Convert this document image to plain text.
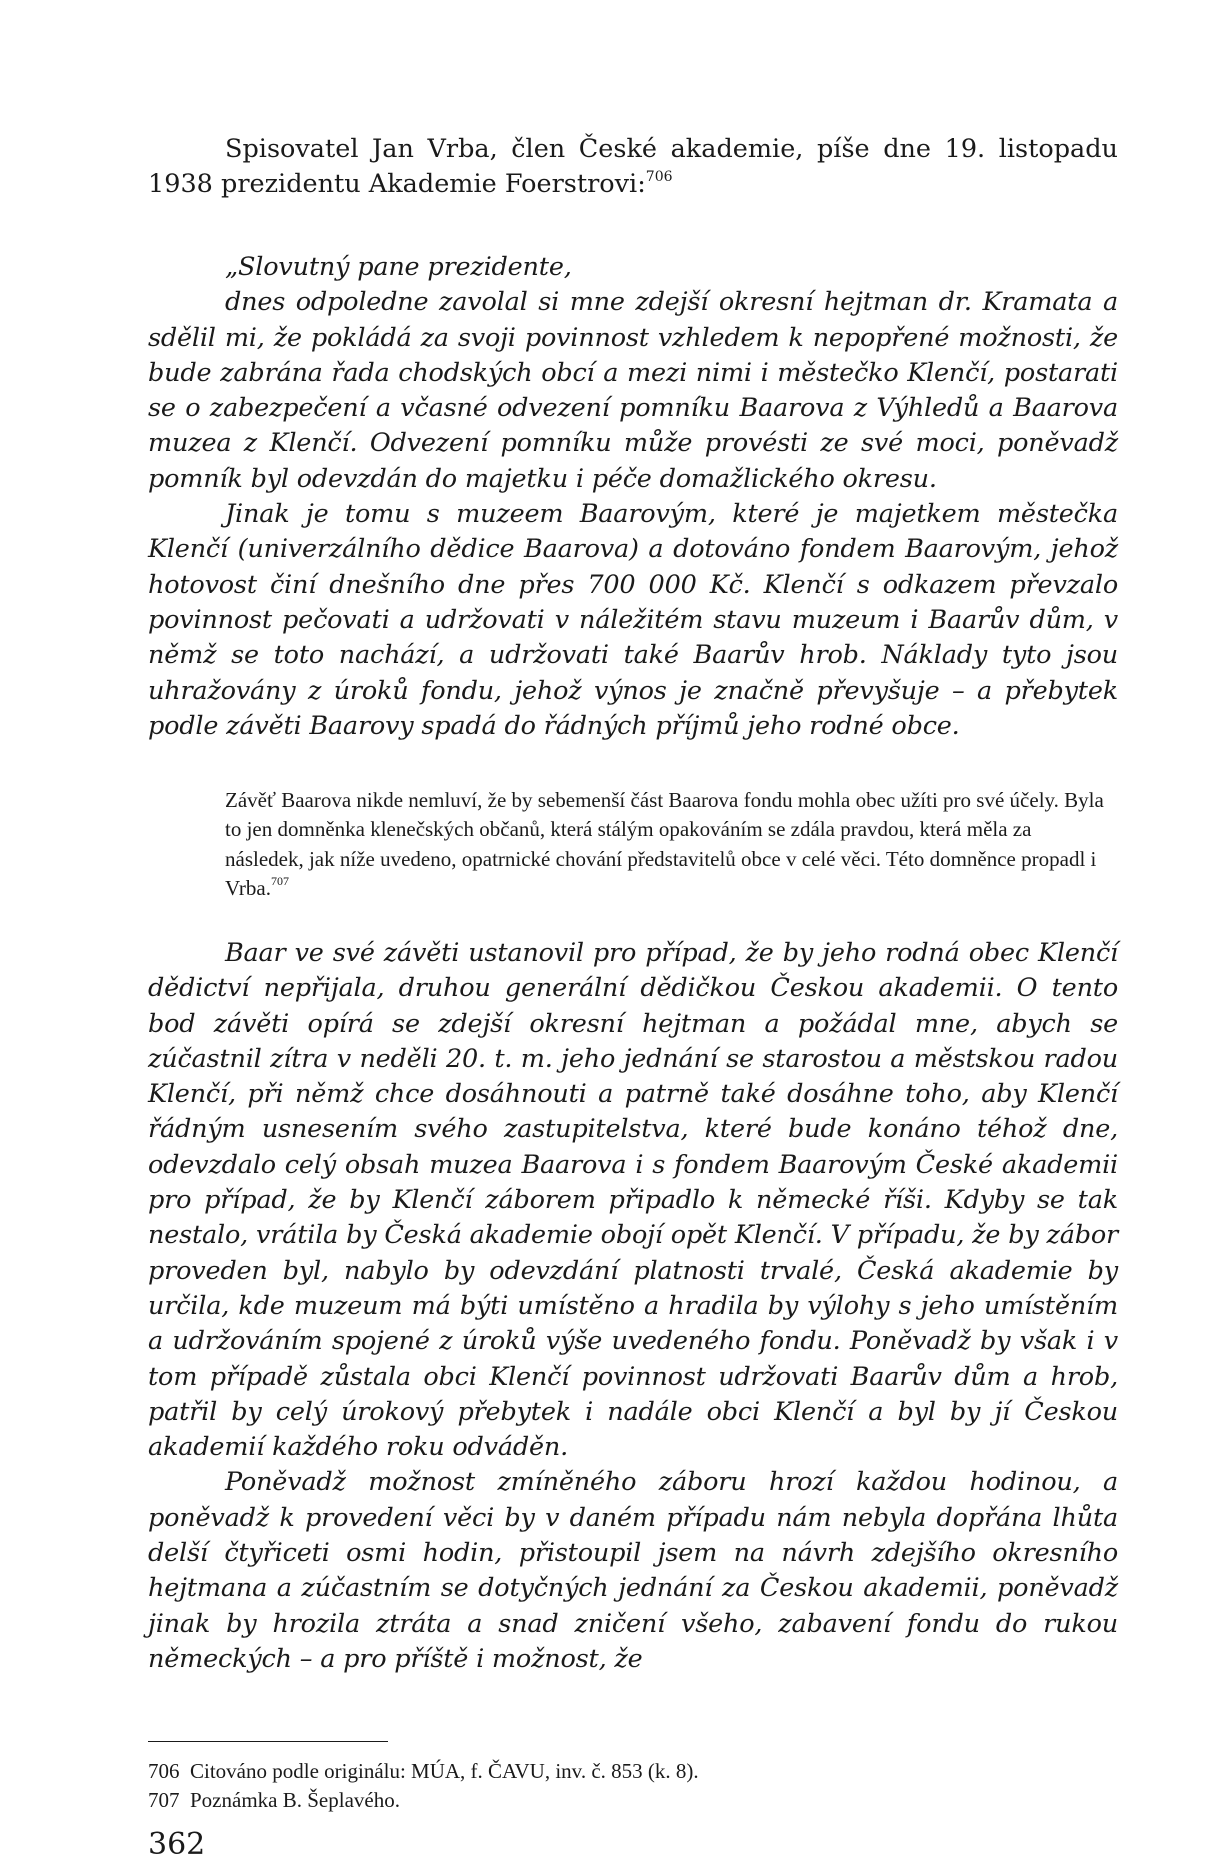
Spisovatel Jan Vrba, člen České akademie, píše dne 19. listopadu 1938 prezidentu Akademie Foerstrovi:$^{706}$

„Slovutný pane prezidente,

dnes odpoledne zavolal si mne zdejší okresní hejtman dr. Kramata a sdělil mi, že pokládá za svoji povinnost vzhledem k nepopřené možnosti, že bude zabrána řada chodských obcí a mezi nimi i městečko Klenčí, postarati se o zabezpečení a včasné odvezení pomníku Baarova z Výhledů a Baarova muzea z Klenčí. Odvezení pomníku může provésti ze své moci, poněvadž pomník byl odevzdán do majetku i péče domažlického okresu.

Jinak je tomu s muzeem Baarovým, které je majetkem městečka Klenčí (univerzálního dědice Baarova) a dotováno fondem Baarovým, jehož hotovost činí dnešního dne přes 700 000 Kč. Klenčí s odkazem převzalo povinnost pečovati a udržovati v náležitém stavu muzeum i Baarův dům, v němž se toto nachází, a udržovati také Baarův hrob. Náklady tyto jsou uhražovány z úroků fondu, jehož výnos je značně převyšuje – a přebytek podle závěti Baarovy spadá do řádných příjmů jeho rodné obce.

Závěť Baarova nikde nemluví, že by sebemenší část Baarova fondu mohla obec užíti pro své účely. Byla to jen domněnka klenečských občanů, která stálým opakováním se zdála pravdou, která měla za následek, jak níže uvedeno, opatrnické chování představitelů obce v celé věci. Této domněnce propadl i Vrba.$^{707}$

Baar ve své závěti ustanovil pro případ, že by jeho rodná obec Klenčí dědictví nepřijala, druhou generální dědičkou Českou akademii. O tento bod závěti opírá se zdejší okresní hejtman a požádal mne, abych se zúčastnil zítra v neděli 20. t. m. jeho jednání se starostou a městskou radou Klenčí, při němž chce dosáhnouti a patrně také dosáhne toho, aby Klenčí řádným usnesením svého zastupitelstva, které bude konáno téhož dne, odevzdalo celý obsah muzea Baarova i s fondem Baarovým České akademii pro případ, že by Klenčí záborem připadlo k německé říši. Kdyby se tak nestalo, vrátila by Česká akademie obojí opět Klenčí. V případu, že by zábor proveden byl, nabylo by odevzdání platnosti trvalé, Česká akademie by určila, kde muzeum má býti umístěno a hradila by výlohy s jeho umístěním a udržováním spojené z úroků výše uvedeného fondu. Poněvadž by však i v tom případě zůstala obci Klenčí povinnost udržovati Baarův dům a hrob, patřil by celý úrokový přebytek i nadále obci Klenčí a byl by jí Českou akademií každého roku odváděn.

Poněvadž možnost zmíněného záboru hrozí každou hodinou, a poněvadž k provedení věci by v daném případu nám nebyla dopřána lhůta delší čtyřiceti osmi hodin, přistoupil jsem na návrh zdejšího okresního hejtmana a zúčastním se dotyčných jednání za Českou akademii, poněvadž jinak by hrozila ztráta a snad zničení všeho, zabavení fondu do rukou německých – a pro příště i možnost, že

706 Citováno podle originálu: MÚA, f. ČAVU, inv. č. 853 (k. 8).

707 Poznámka B. Šeplavého.

362
